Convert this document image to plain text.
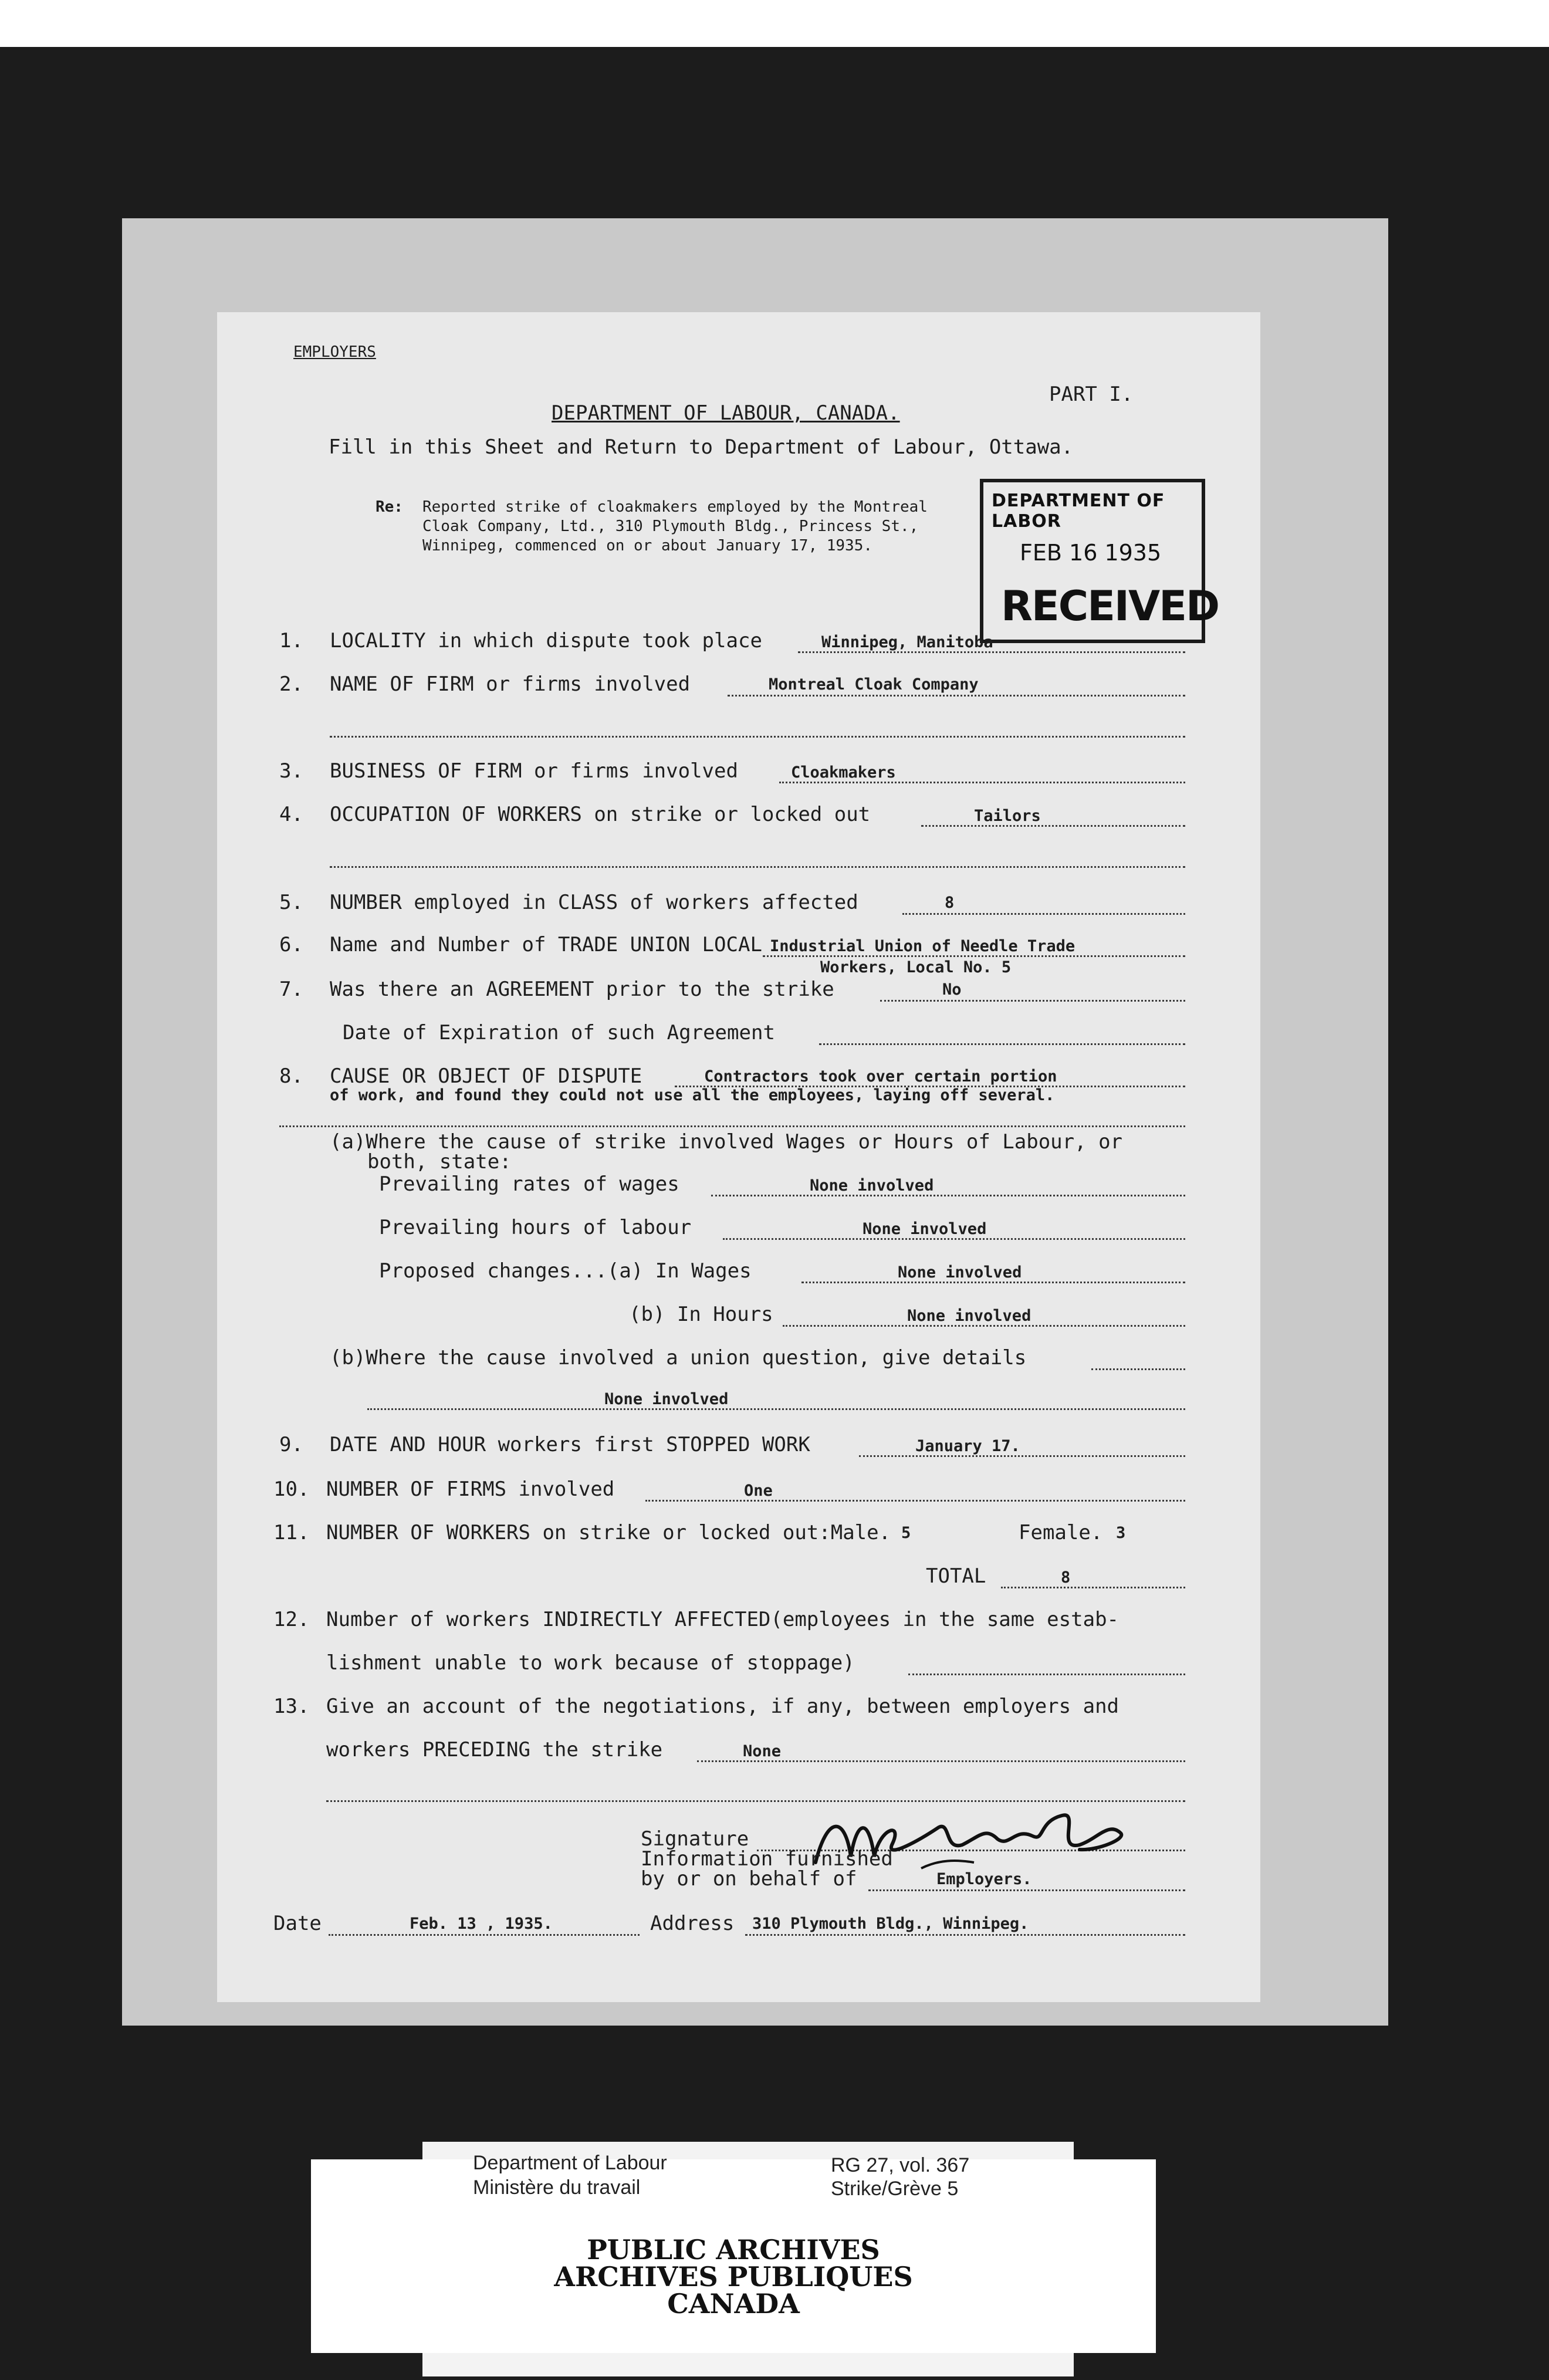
EMPLOYERS
PART I.
DEPARTMENT OF LABOUR, CANADA.
Fill in this Sheet and Return to Department of Labour, Ottawa.
Re: Reported strike of cloakmakers employed by the Montreal
Cloak Company, Ltd., 310 Plymouth Bldg., Princess St.,
Winnipeg, commenced on or about January 17, 1935.
DEPARTMENT OF LABOR
FEB 16 1935
RECEIVED
1. LOCALITY in which dispute took place	Winnipeg, Manitoba
2. NAME OF FIRM or firms involved	Montreal Cloak Company
3. BUSINESS OF FIRM or firms involved	Cloakmakers
4. OCCUPATION OF WORKERS on strike or locked out	Tailors
5. NUMBER employed in CLASS of workers affected	8
6. Name and Number of TRADE UNION LOCAL Industrial Union of Needle Trade
Workers, Local No. 5
7. Was there an AGREEMENT prior to the strike	No
Date of Expiration of such Agreement
8. CAUSE OR OBJECT OF DISPUTE	Contractors took over certain portion
of work, and found they could not use all the employees, laying off several.
(a)Where the cause of strike involved Wages or Hours of Labour, or
both, state:
Prevailing rates of wages	None involved
Prevailing hours of labour	None involved
Proposed changes...(a) In Wages	None involved
(b) In Hours	None involved
(b)Where the cause involved a union question, give details
None involved
9. DATE AND HOUR workers first STOPPED WORK	January 17.
10. NUMBER OF FIRMS involved	One
11. NUMBER OF WORKERS on strike or locked out:Male. 5	Female. 3
TOTAL	8
12. Number of workers INDIRECTLY AFFECTED(employees in the same estab-
lishment unable to work because of stoppage)
13. Give an account of the negotiations, if any, between employers and
workers PRECEDING the strike	None
Signature
Information furnished
by or on behalf of	Employers.
Date	Feb. 13 , 1935.	Address 310 Plymouth Bldg., Winnipeg.
Department of Labour
Ministère du travail
RG 27, vol. 367
Strike/Grève 5
PUBLIC ARCHIVES
ARCHIVES PUBLIQUES
CANADA
